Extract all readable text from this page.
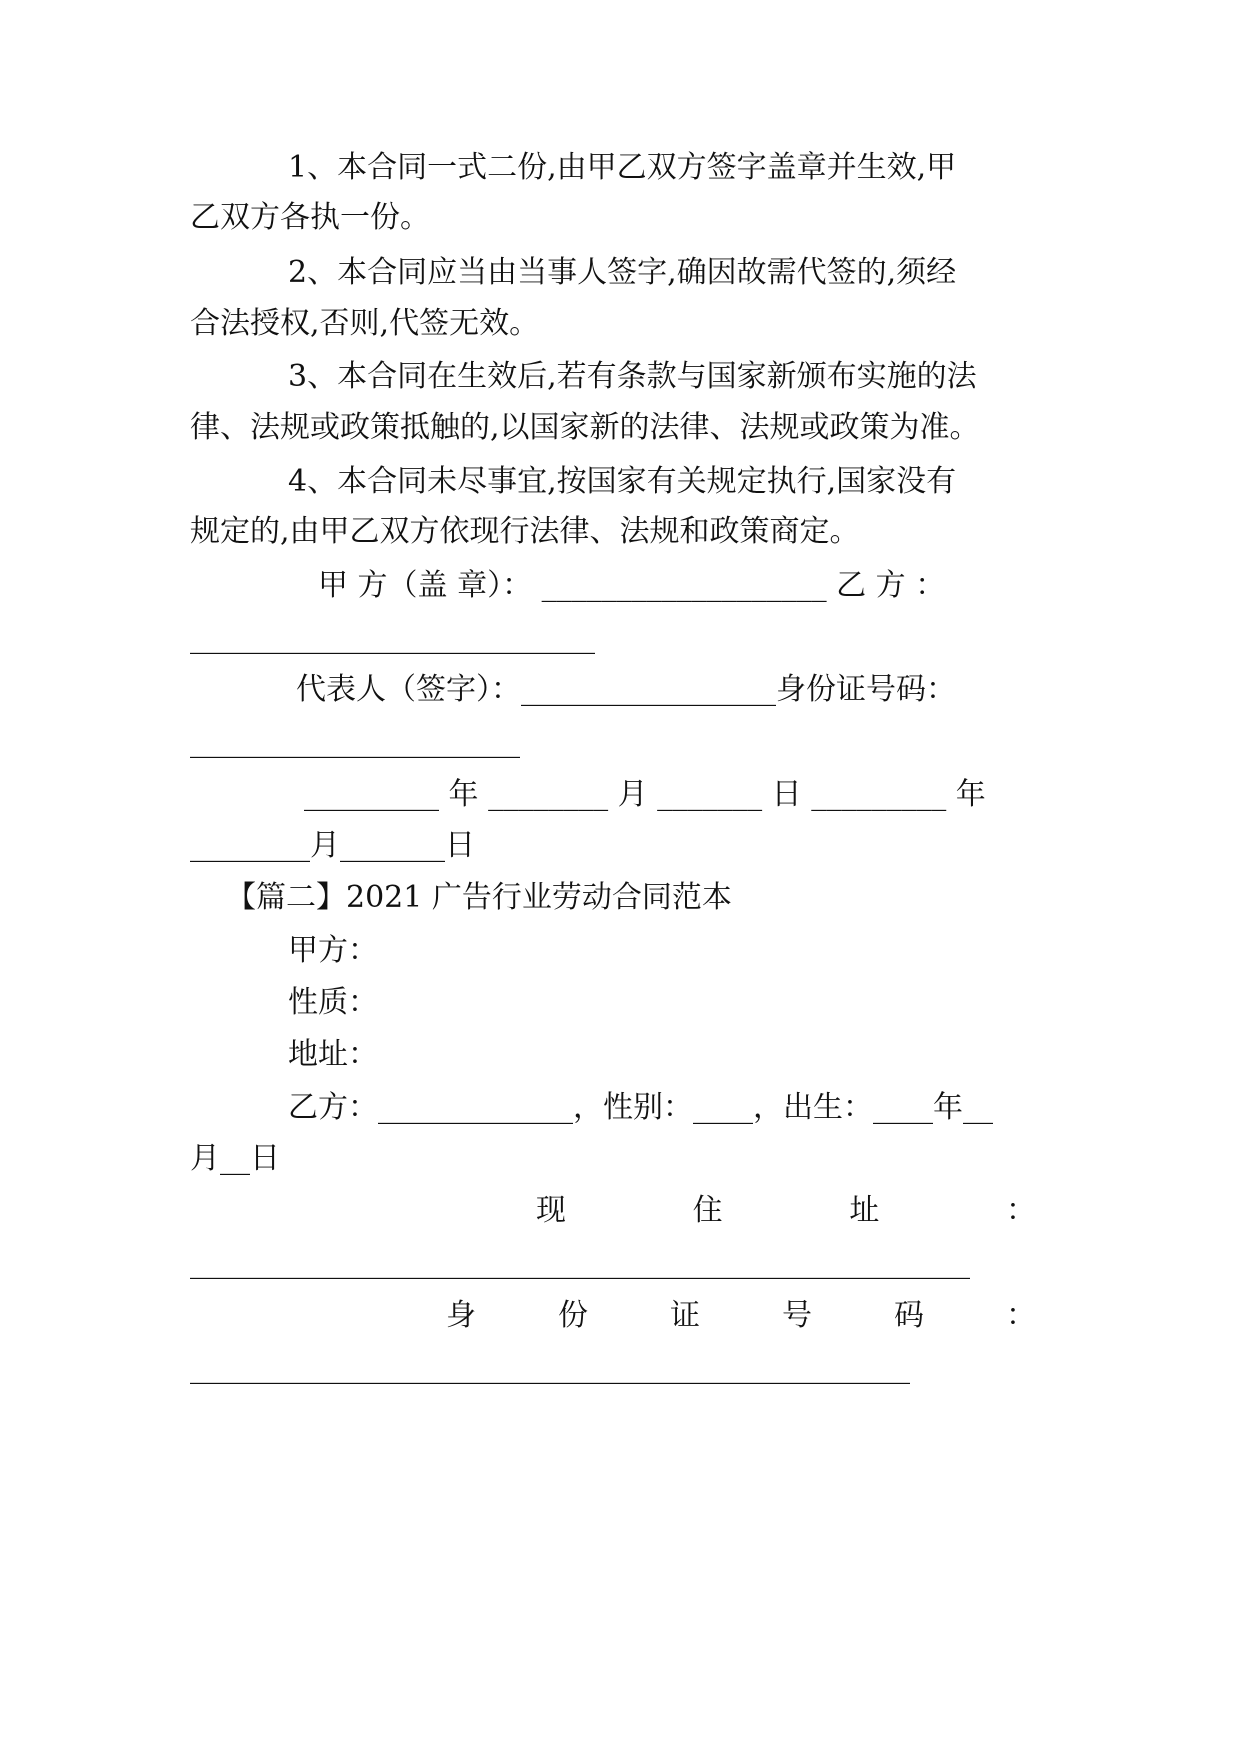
1、本合同一式二份,由甲乙双方签字盖章并生效,甲
乙双方各执一份。
2、本合同应当由当事人签字,确因故需代签的,须经
合法授权,否则,代签无效。
3、本合同在生效后,若有条款与国家新颁布实施的法
律、法规或政策抵触的,以国家新的法律、法规或政策为准。
4、本合同未尽事宜,按国家有关规定执行,国家没有
规定的,由甲乙双方依现行法律、法规和政策商定。
甲 方（盖 章）： ___________________ 乙 方 ：
___________________________
代表人（签字）：_________________身份证号码：
______________________
_________ 年 ________ 月 _______ 日 _________ 年
________月_______日
【篇二】2021 广告行业劳动合同范本
甲方：
性质：
地址：
乙方：_____________，性别：____，出生：____年__
月__日
现	住	址	：
____________________________________________________
身	份	证	号	码	：
________________________________________________
